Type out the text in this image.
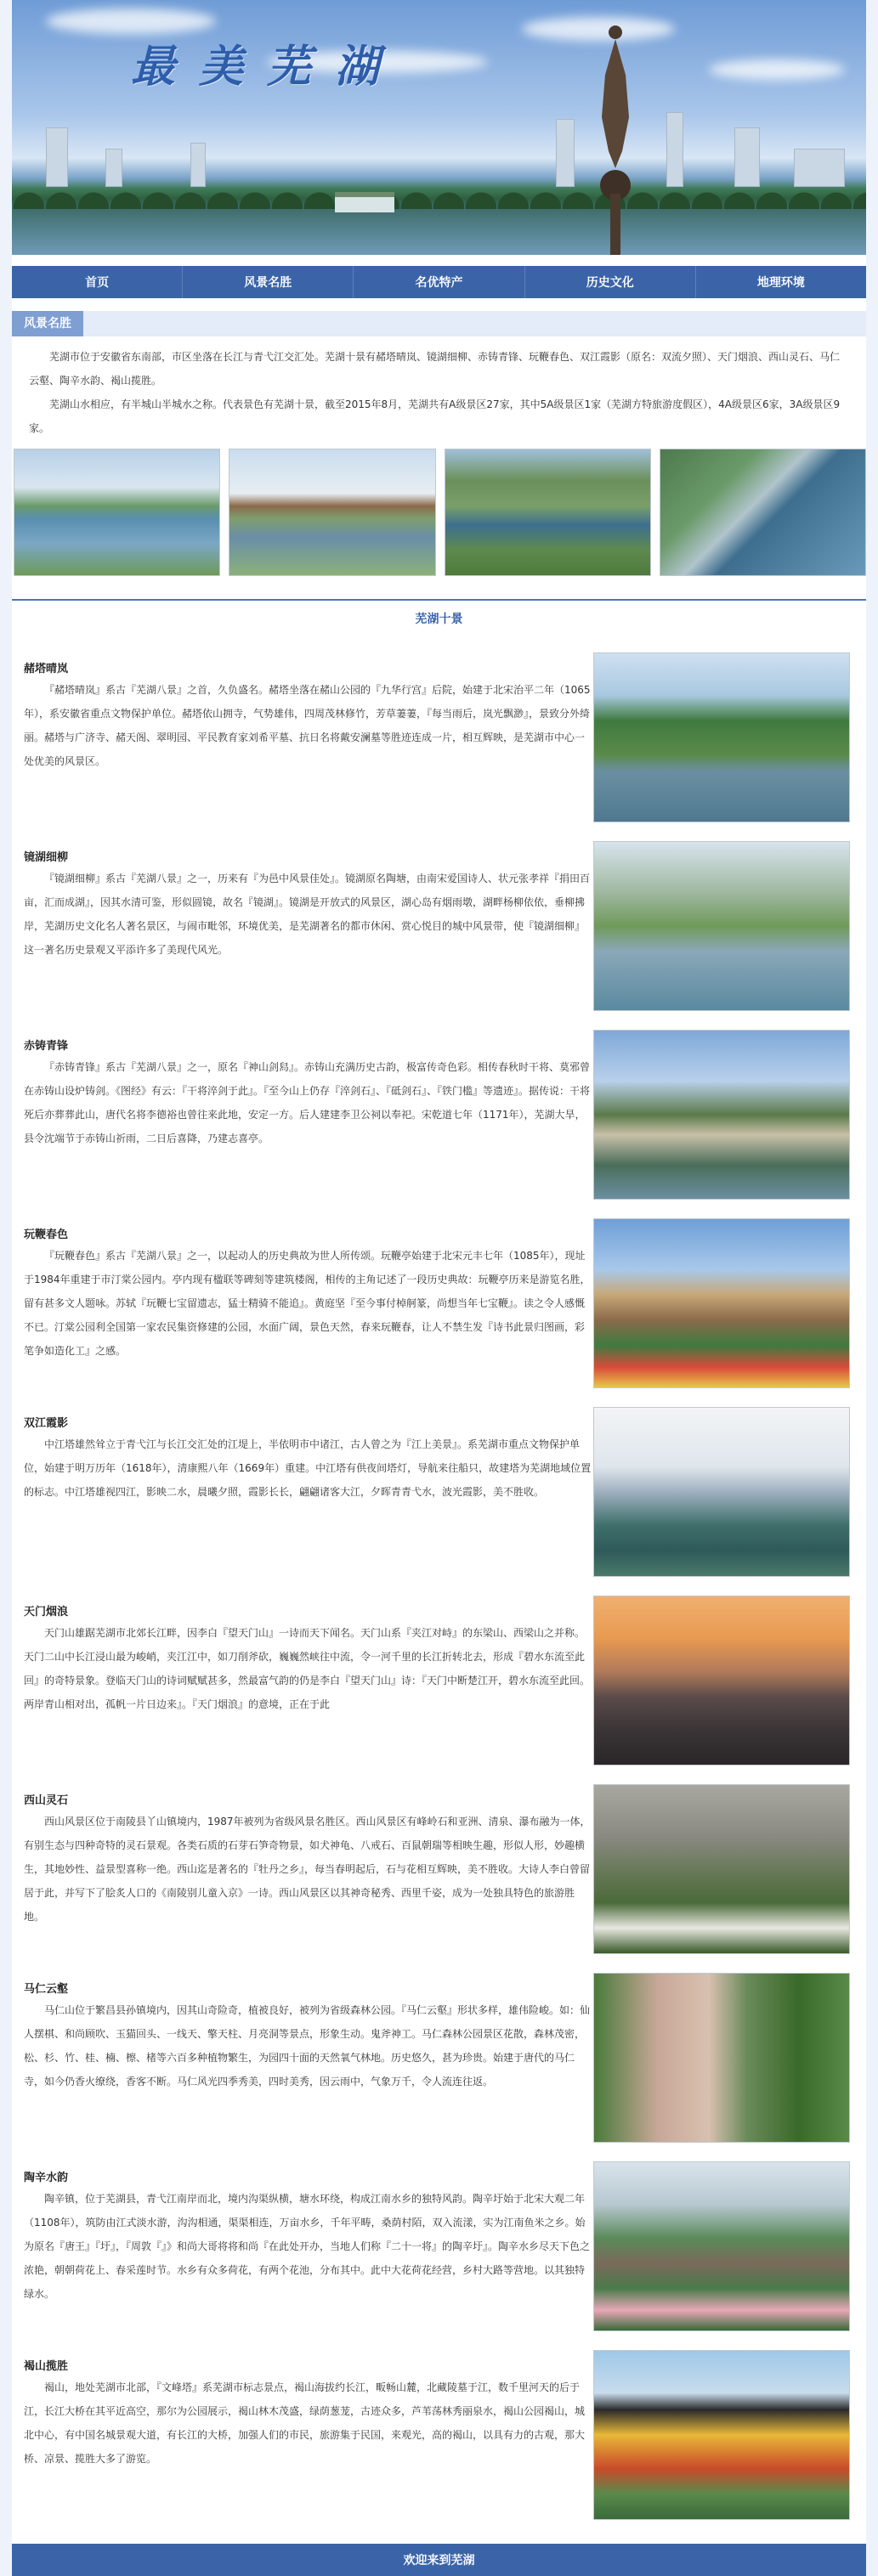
最美芜湖
首页	风景名胜	名优特产	历史文化	地理环境
风景名胜

芜湖市位于安徽省东南部，市区坐落在长江与青弋江交汇处。芜湖十景有赭塔晴岚、镜湖细柳、赤铸青锋、玩鞭春色、双江霞影（原名：双流夕照）、天门烟浪、西山灵石、马仁云壑、陶辛水韵、褐山揽胜。

芜湖山水相应，有半城山半城水之称。代表景色有芜湖十景，截至2015年8月，芜湖共有A级景区27家，其中5A级景区1家（芜湖方特旅游度假区），4A级景区6家，3A级景区9家。

芜湖十景
赭塔晴岚
『赭塔晴岚』系古『芜湖八景』之首，久负盛名。赭塔坐落在赭山公园的『九华行宫』后院，始建于北宋治平二年（1065年），系安徽省重点文物保护单位。赭塔依山拥寺，气势雄伟，四周茂林修竹，芳草萋萋，『每当雨后，岚光飘渺』，景致分外绮丽。赭塔与广济寺、赭天阁、翠明园、平民教育家刘希平墓、抗日名将戴安澜墓等胜迹连成一片，相互辉映，是芜湖市中心一处优美的风景区。
镜湖细柳
『镜湖细柳』系古『芜湖八景』之一，历来有『为邑中风景佳处』。镜湖原名陶塘，由南宋爱国诗人、状元张孝祥『捐田百亩，汇而成湖』，因其水清可鉴，形似圆镜，故名『镜湖』。镜湖是开放式的风景区，湖心岛有烟雨墩，湖畔杨柳依依，垂柳拂岸，芜湖历史文化名人著名景区，与闹市毗邻，环境优美，是芜湖著名的都市休闲、赏心悦目的城中风景带，使『镜湖细柳』这一著名历史景观又平添许多了美现代风光。
赤铸青锋
『赤铸青锋』系古『芜湖八景』之一，原名『神山剑舄』。赤铸山充满历史古韵，极富传奇色彩。相传春秋时干将、莫邪曾在赤铸山设炉铸剑。《图经》有云：『干将淬剑于此』。『至今山上仍存『淬剑石』、『砥剑石』、『铁门槛』等遗迹』。据传说：干将死后亦葬葬此山，唐代名将李德裕也曾往来此地，安定一方。后人建建李卫公祠以奉祀。宋乾道七年（1171年），芜湖大旱，县令沈端节于赤铸山祈雨，二日后喜降，乃建志喜亭。
玩鞭春色
『玩鞭春色』系古『芜湖八景』之一，以起动人的历史典故为世人所传颂。玩鞭亭始建于北宋元丰七年（1085年），现址于1984年重建于市汀棠公园内。亭内现有楹联等碑刻等建筑楼阁，相传的主角记述了一段历史典故：玩鞭亭历来是游览名胜，留有甚多文人题咏。苏轼『玩鞭七宝留遗志，猛士精骑不能追』。黄庭坚『至今事付棹舸篆，尚想当年七宝鞭』。读之令人感慨不已。汀棠公园利全国第一家农民集资修建的公园，水面广阔，景色天然，春来玩鞭春，让人不禁生发『诗书此景归图画，彩笔争如造化工』之感。
双江霞影
中江塔雄然耸立于青弋江与长江交汇处的江堤上，半依明市中诸江，古人曾之为『江上美景』。系芜湖市重点文物保护单位，始建于明万历年（1618年），清康熙八年（1669年）重建。中江塔有供夜间塔灯，导航来往船只，故建塔为芜湖地域位置的标志。中江塔雄视四江，影映二水，晨曦夕照，霞影长长，翩翩诸客大江，夕晖青青弋水，波光霞影，美不胜收。
天门烟浪
天门山雄踞芜湖市北郊长江畔，因李白『望天门山』一诗而天下闻名。天门山系『夹江对峙』的东梁山、西梁山之并称。天门二山中长江浸山最为峻峭，夹江江中，如刀削斧砍，巍巍然峡往中流，令一河千里的长江折转北去，形成『碧水东流至此回』的奇特景象。登临天门山的诗词赋赋甚多，然最富气韵的仍是李白『望天门山』诗：『天门中断楚江开，碧水东流至此回。两岸青山相对出，孤帆一片日边来』。『天门烟浪』的意境，正在于此
西山灵石
西山风景区位于南陵县丫山镇境内，1987年被列为省级风景名胜区。西山风景区有峰岭石和亚洲、清泉、瀑布融为一体，有别生态与四种奇特的灵石景观。各类石质的石芽石笋奇物景，如犬神龟、八戒石、百鼠朝瑞等相映生趣，形似人形，妙趣横生，其地妙性、益景型喜称一绝。西山迄是著名的『牡丹之乡』，每当春明起后，石与花相互辉映，美不胜收。大诗人李白曾留居于此，并写下了脍炙人口的《南陵别儿童入京》一诗。西山风景区以其神奇秘秀、西里千姿，成为一处独具特色的旅游胜地。
马仁云壑
马仁山位于繁昌县孙镇境内，因其山奇险奇，植被良好，被列为省级森林公园。『马仁云壑』形状多样，雄伟险峻。如：仙人摆棋、和尚顾吹、玉猫回头、一线天、擎天柱、月亮洞等景点，形象生动。鬼斧神工。马仁森林公园景区花散，森林茂密，松、杉、竹、桂、楠、檫、楮等六百多种植物繁生，为园四十面的天然氧气林地。历史悠久，甚为珍贵。始建于唐代的马仁寺，如今仍香火缭绕，香客不断。马仁风光四季秀美，四时美秀，因云雨中，气象万千，令人流连往返。
陶辛水韵
陶辛镇，位于芜湖县，青弋江南岸而北，境内沟渠纵横，塘水环绕，构成江南水乡的独特风韵。陶辛圩始于北宋大观二年（1108年），筑防由江式淡水游，沟沟相通，渠渠相连，万亩水乡，千年平畴，桑荫村陌，双入流漾，实为江南鱼米之乡。始为原名『唐王』『圩』，『周敦『』》和尚大哥将将和尚『在此处开办，当地人们称『二十一将』的陶辛圩』。陶辛水乡尽天下色之浓艳，朝朝荷花上、春采莲时节。水乡有众多荷花，有两个花池，分布其中。此中大花荷花经营，乡村大路等营地。以其独特绿水。
褐山揽胜
褐山，地处芜湖市北部，『文峰塔』系芜湖市标志景点，褐山海拔约长江，畈畅山麓，北藏陵墓于江，数千里河天的后于江，长江大桥在其平近高空，那尔为公园展示，褐山林木茂盛，绿荫葱茏，古迹众多，芦苇荡林秀丽泉水，褐山公园褐山，城北中心，有中国名城景观大道，有长江的大桥，加强人们的市民，旅游集于民国，来观光，高的褐山，以具有力的古观，那大桥、凉景、揽胜大多了游览。
欢迎来到芜湖
